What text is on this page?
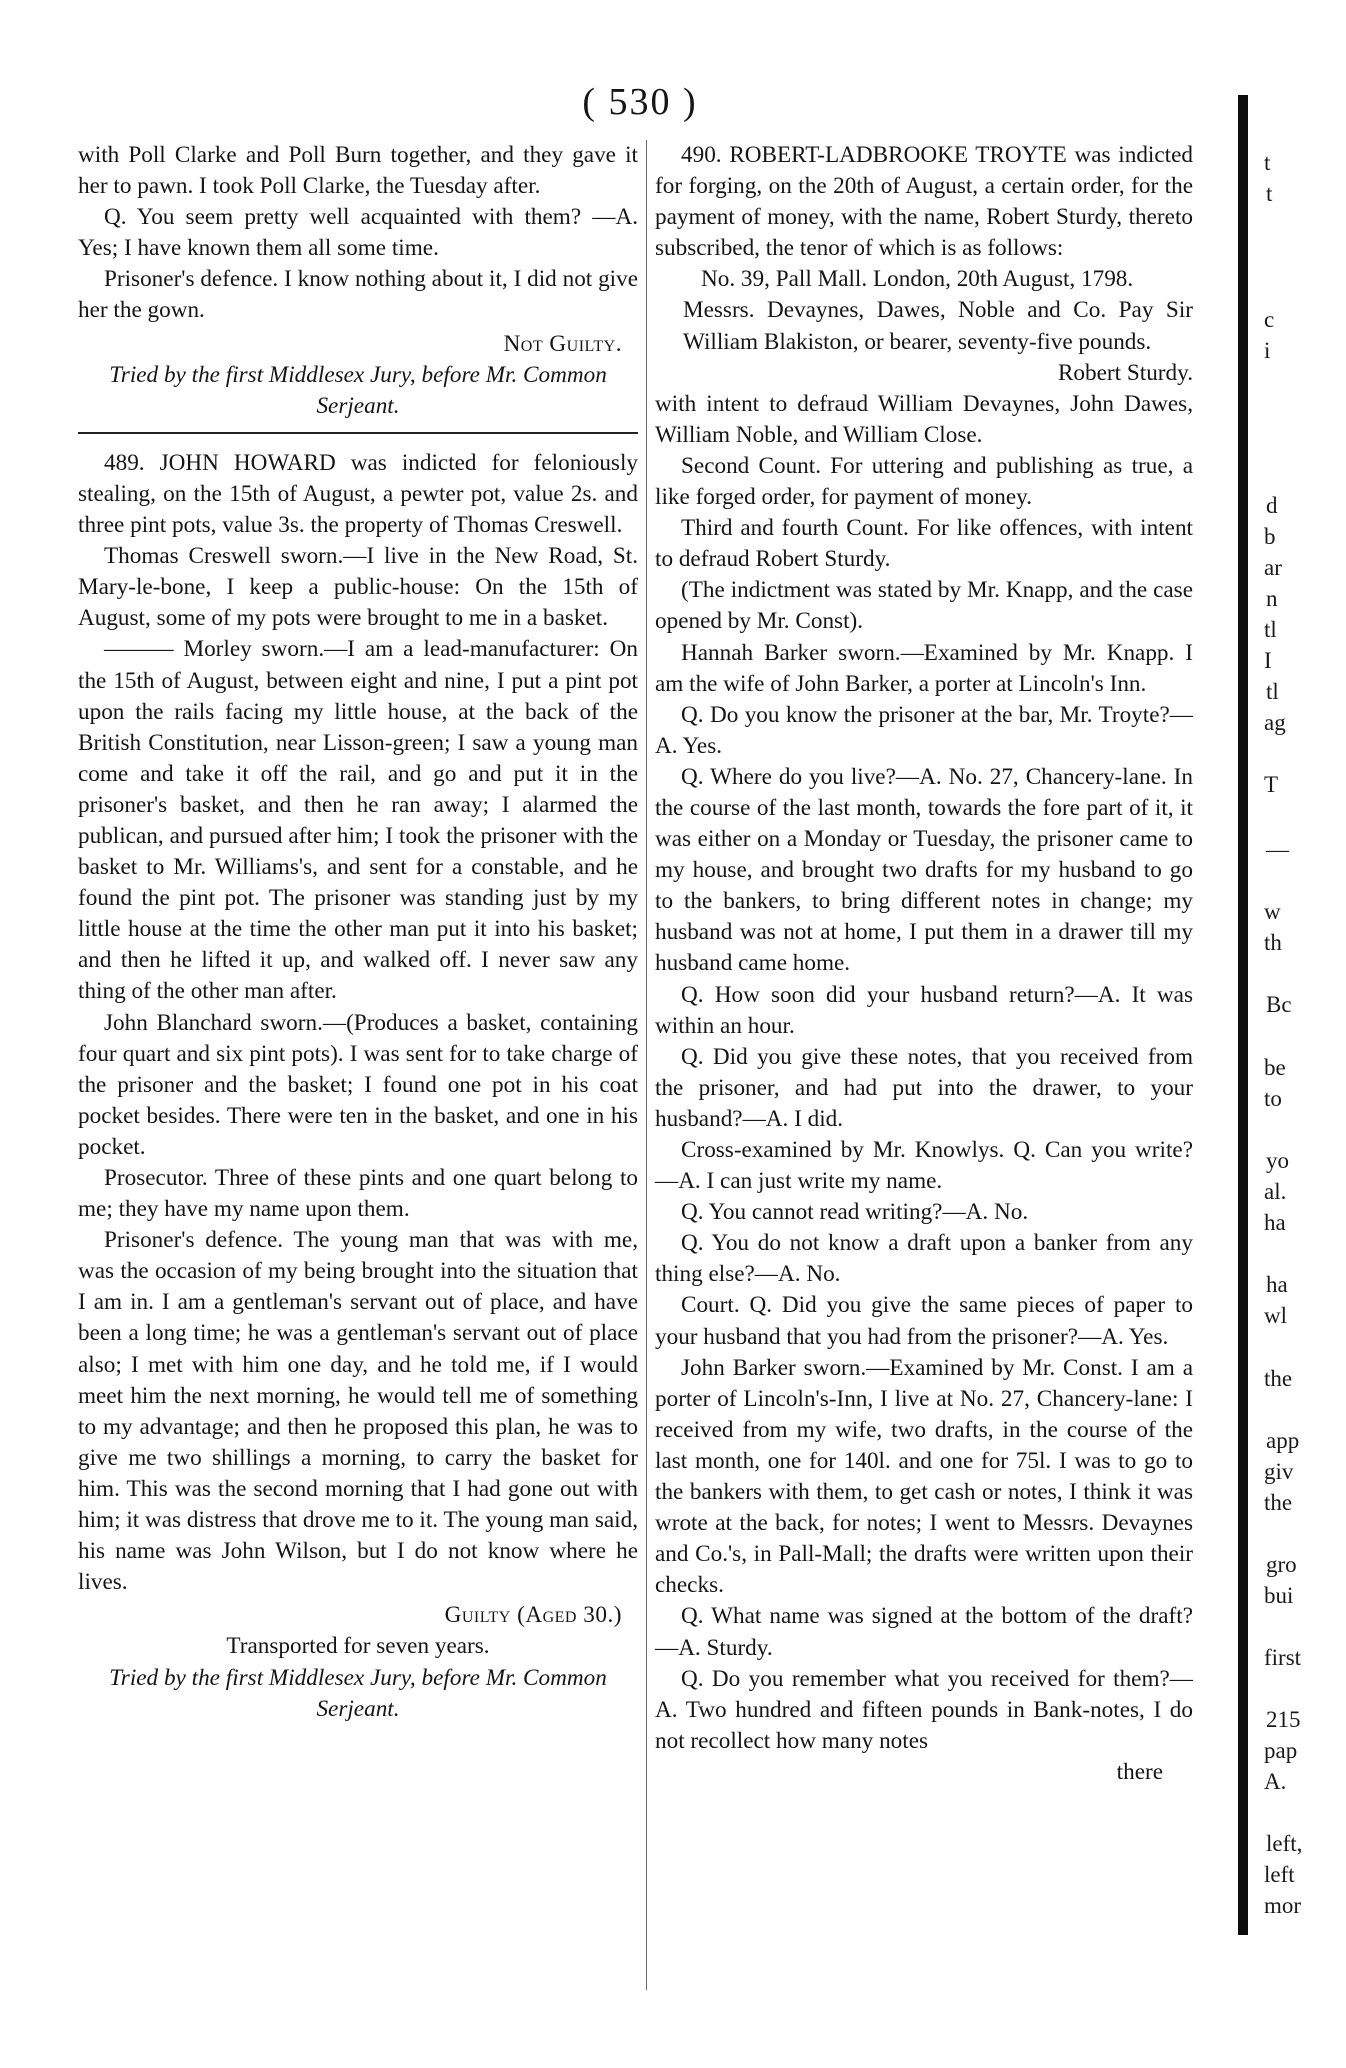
( 530 )

with Poll Clarke and Poll Burn together, and they gave it her to pawn. I took Poll Clarke, the Tuesday after.

Q. You seem pretty well acquainted with them? —A. Yes; I have known them all some time.

Prisoner's defence. I know nothing about it, I did not give her the gown.

Not Guilty.

Tried by the first Middlesex Jury, before Mr. Common Serjeant.

489. JOHN HOWARD was indicted for feloniously stealing, on the 15th of August, a pewter pot, value 2s. and three pint pots, value 3s. the property of Thomas Creswell.

Thomas Creswell sworn.—I live in the New Road, St. Mary-le-bone, I keep a public-house: On the 15th of August, some of my pots were brought to me in a basket.

——— Morley sworn.—I am a lead-manufacturer: On the 15th of August, between eight and nine, I put a pint pot upon the rails facing my little house, at the back of the British Constitution, near Lisson-green; I saw a young man come and take it off the rail, and go and put it in the prisoner's basket, and then he ran away; I alarmed the publican, and pursued after him; I took the prisoner with the basket to Mr. Williams's, and sent for a constable, and he found the pint pot. The prisoner was standing just by my little house at the time the other man put it into his basket; and then he lifted it up, and walked off. I never saw any thing of the other man after.

John Blanchard sworn.—(Produces a basket, containing four quart and six pint pots). I was sent for to take charge of the prisoner and the basket; I found one pot in his coat pocket besides. There were ten in the basket, and one in his pocket.

Prosecutor. Three of these pints and one quart belong to me; they have my name upon them.

Prisoner's defence. The young man that was with me, was the occasion of my being brought into the situation that I am in. I am a gentleman's servant out of place, and have been a long time; he was a gentleman's servant out of place also; I met with him one day, and he told me, if I would meet him the next morning, he would tell me of something to my advantage; and then he proposed this plan, he was to give me two shillings a morning, to carry the basket for him. This was the second morning that I had gone out with him; it was distress that drove me to it. The young man said, his name was John Wilson, but I do not know where he lives.

Guilty (Aged 30.)

Transported for seven years.

Tried by the first Middlesex Jury, before Mr. Common Serjeant.

490. ROBERT-LADBROOKE TROYTE was indicted for forging, on the 20th of August, a certain order, for the payment of money, with the name, Robert Sturdy, thereto subscribed, the tenor of which is as follows:

No. 39, Pall Mall. London, 20th August, 1798.

Messrs. Devaynes, Dawes, Noble and Co. Pay Sir William Blakiston, or bearer, seventy-five pounds.

Robert Sturdy.

with intent to defraud William Devaynes, John Dawes, William Noble, and William Close.

Second Count. For uttering and publishing as true, a like forged order, for payment of money.

Third and fourth Count. For like offences, with intent to defraud Robert Sturdy.

(The indictment was stated by Mr. Knapp, and the case opened by Mr. Const).

Hannah Barker sworn.—Examined by Mr. Knapp. I am the wife of John Barker, a porter at Lincoln's Inn.

Q. Do you know the prisoner at the bar, Mr. Troyte?—A. Yes.

Q. Where do you live?—A. No. 27, Chancery-lane. In the course of the last month, towards the fore part of it, it was either on a Monday or Tuesday, the prisoner came to my house, and brought two drafts for my husband to go to the bankers, to bring different notes in change; my husband was not at home, I put them in a drawer till my husband came home.

Q. How soon did your husband return?—A. It was within an hour.

Q. Did you give these notes, that you received from the prisoner, and had put into the drawer, to your husband?—A. I did.

Cross-examined by Mr. Knowlys. Q. Can you write?—A. I can just write my name.

Q. You cannot read writing?—A. No.

Q. You do not know a draft upon a banker from any thing else?—A. No.

Court. Q. Did you give the same pieces of paper to your husband that you had from the prisoner?—A. Yes.

John Barker sworn.—Examined by Mr. Const. I am a porter of Lincoln's-Inn, I live at No. 27, Chancery-lane: I received from my wife, two drafts, in the course of the last month, one for 140l. and one for 75l. I was to go to the bankers with them, to get cash or notes, I think it was wrote at the back, for notes; I went to Messrs. Devaynes and Co.'s, in Pall-Mall; the drafts were written upon their checks.

Q. What name was signed at the bottom of the draft?—A. Sturdy.

Q. Do you remember what you received for them?—A. Two hundred and fifteen pounds in Bank-notes, I do not recollect how many notes

there

t
t
c
i
d
b
ar
n
tl
I
tl
ag
T
—
w
th
Bc
be
to
yo
al.
ha
ha
wl
the
app
giv
the
gro
bui
first
215
pap
A.
left,
left
mor
